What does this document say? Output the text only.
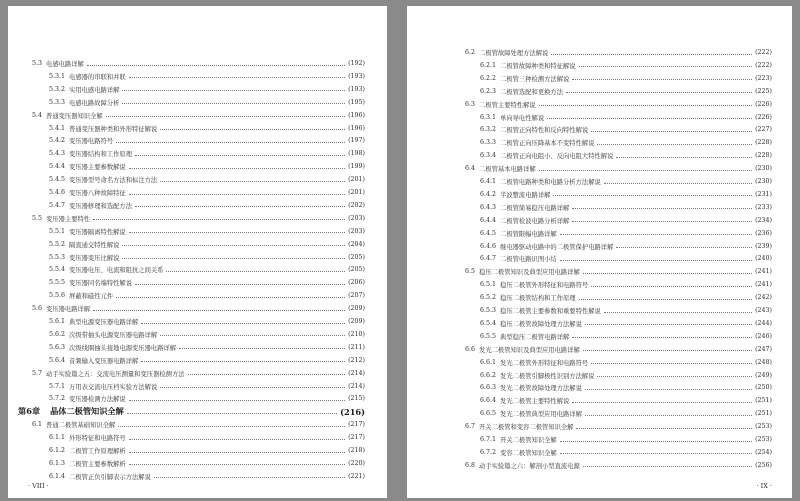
5.3 电感电路详解	(192)
5.3.1 电感器的串联和并联	(193)
5.3.2 实用电感电路详解	(193)
5.3.3 电感电路故障分析	(195)
5.4 普通变压器知识全解	(196)
5.4.1 普通变压器种类和外形特征解说	(196)
5.4.2 变压器电路符号	(197)
5.4.3 变压器结构和工作原理	(198)
5.4.4 变压器主要参数解说	(199)
5.4.5 变压器型号命名方法和标注方法	(201)
5.4.6 变压器八种故障特征	(201)
5.4.7 变压器修理和选配方法	(202)
5.5 变压器主要特性	(203)
5.5.1 变压器隔离特性解说	(203)
5.5.2 隔直通交特性解说	(204)
5.5.3 变压器变压比解说	(205)
5.5.4 变压器电压、电流和阻抗之间关系	(205)
5.5.5 变压器同名端特性解说	(206)
5.5.6 屏蔽和磁性元件	(207)
5.6 变压器电路详解	(209)
5.6.1 典型电源变压器电路详解	(209)
5.6.2 次级带抽头电源变压器电路详解	(210)
5.6.3 次级线圈抽头接地电源变压器电路详解	(211)
5.6.4 音频输入变压器电路详解	(212)
5.7 动手实验篇之五：交流电压测量和变压器检测方法	(214)
5.7.1 万用表交流电压档实验方法解说	(214)
5.7.2 变压器检测方法解说	(215)
第6章	晶体二极管知识全解	(216)
6.1 普通二极管基础知识全解	(217)
6.1.1 外形特征和电路符号	(217)
6.1.2 二极管工作原理解析	(218)
6.1.3 二极管主要参数解析	(220)
6.1.4 二极管正负引脚表示方法解说	(221)
· VIII ·
6.2 二极管故障处理方法解说	(222)
6.2.1 二极管故障种类和特征解说	(222)
6.2.2 二极管三种检测方法解说	(223)
6.2.3 二极管选配和更换方法	(225)
6.3 二极管主要特性解说	(226)
6.3.1 单向导电性解说	(226)
6.3.2 二极管正向特性和反向特性解说	(227)
6.3.3 二极管正向压降基本不变特性解说	(228)
6.3.4 二极管正向电阻小、反向电阻大特性解说	(228)
6.4 二极管基本电路详解	(230)
6.4.1 二极管电路种类和电路分析方法解说	(230)
6.4.2 半波整流电路详解	(231)
6.4.3 二极管简易稳压电路详解	(233)
6.4.4 二极管检波电路分析详解	(234)
6.4.5 二极管限幅电路详解	(236)
6.4.6 继电器驱动电路中的二极管保护电路详解	(239)
6.4.7 二极管电路识图小结	(240)
6.5 稳压二极管知识及典型应用电路详解	(241)
6.5.1 稳压二极管外形特征和电路符号	(241)
6.5.2 稳压二极管结构和工作原理	(242)
6.5.3 稳压二极管主要参数和重要特性解说	(243)
6.5.4 稳压二极管故障处理方法解说	(244)
6.5.5 典型稳压二极管电路详解	(246)
6.6 发光二极管知识及典型应用电路详解	(247)
6.6.1 发光二极管外形特征和电路符号	(248)
6.6.2 发光二极管引脚极性识别方法解说	(249)
6.6.3 发光二极管故障处理方法解说	(250)
6.6.4 发光二极管主要特性解说	(251)
6.6.5 发光二极管典型应用电路详解	(251)
6.7 开关二极管和变容二极管知识全解	(253)
6.7.1 开关二极管知识全解	(253)
6.7.2 变容二极管知识全解	(254)
6.8 动手实验篇之六：解剖小型直流电源	(256)
· IX ·
